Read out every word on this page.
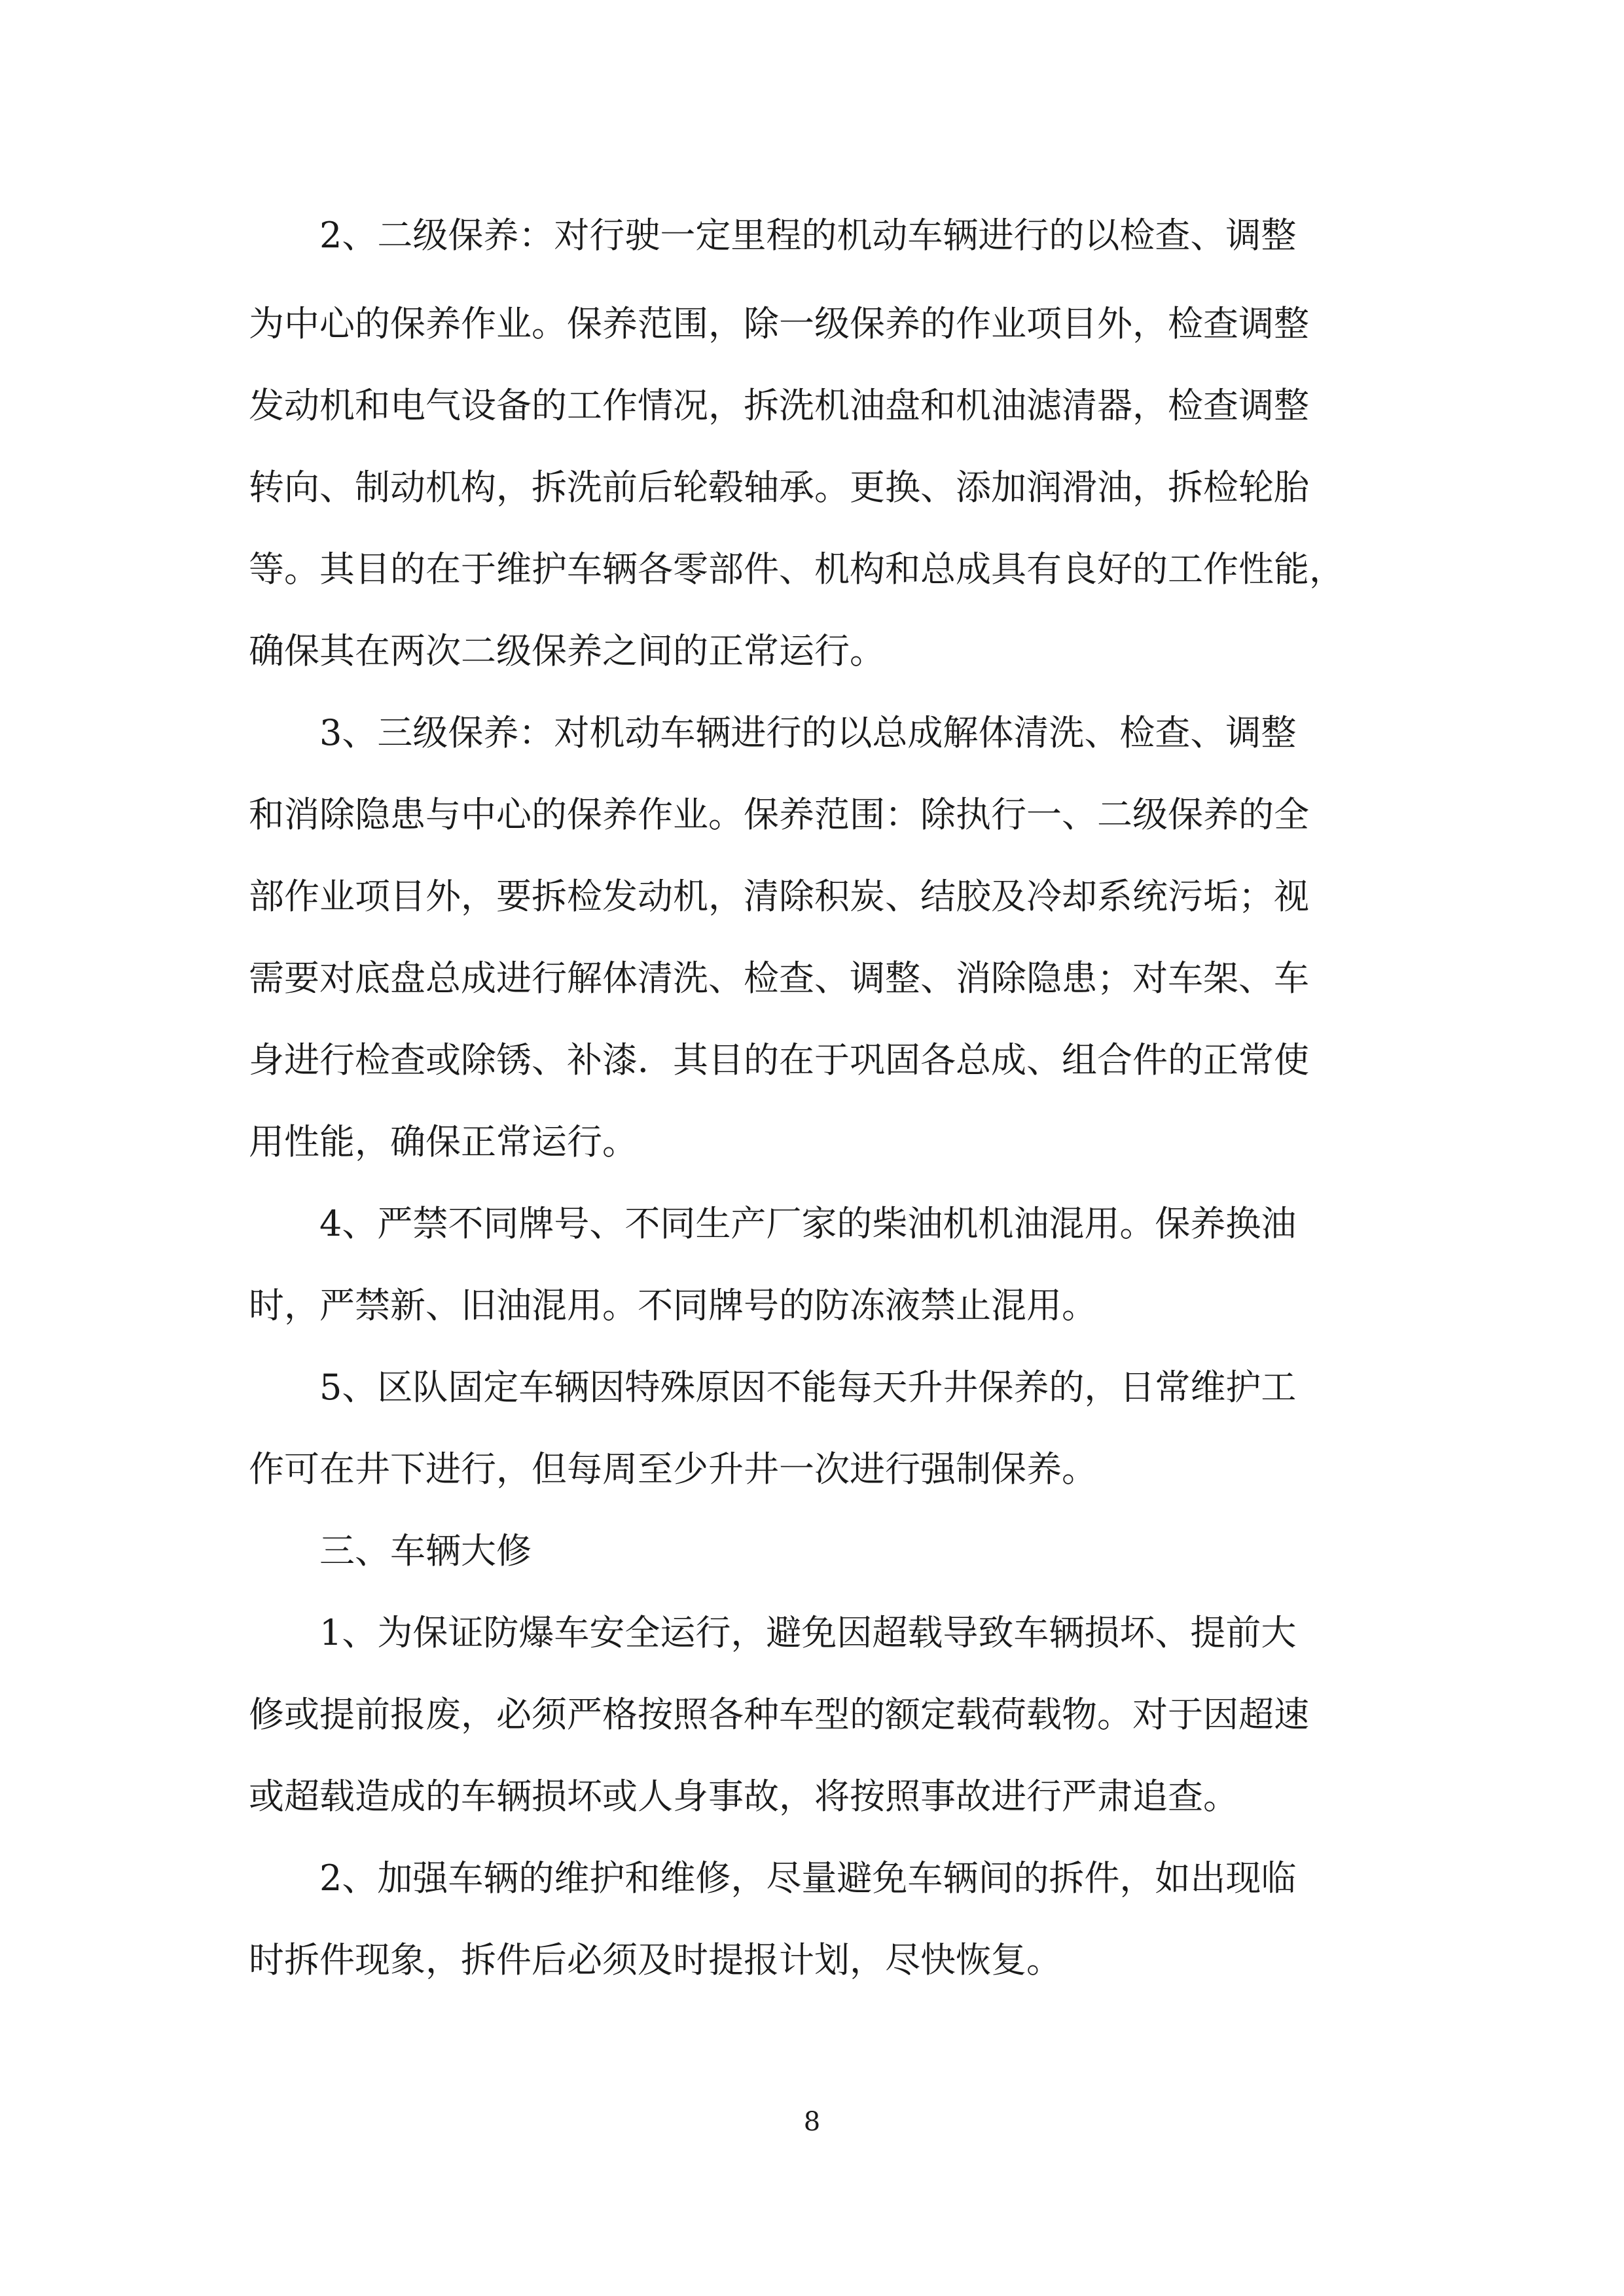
2、二级保养：对行驶一定里程的机动车辆进行的以检查、调整
为中心的保养作业。保养范围，除一级保养的作业项目外，检查调整
发动机和电气设备的工作情况，拆洗机油盘和机油滤清器，检查调整
转向、制动机构，拆洗前后轮毂轴承。更换、添加润滑油，拆检轮胎
等。其目的在于维护车辆各零部件、机构和总成具有良好的工作性能，
确保其在两次二级保养之间的正常运行。
3、三级保养：对机动车辆进行的以总成解体清洗、检查、调整
和消除隐患与中心的保养作业。保养范围：除执行一、二级保养的全
部作业项目外，要拆检发动机，清除积炭、结胶及冷却系统污垢；视
需要对底盘总成进行解体清洗、检查、调整、消除隐患；对车架、车
身进行检查或除锈、补漆．其目的在于巩固各总成、组合件的正常使
用性能，确保正常运行。
4、严禁不同牌号、不同生产厂家的柴油机机油混用。保养换油
时，严禁新、旧油混用。不同牌号的防冻液禁止混用。
5、区队固定车辆因特殊原因不能每天升井保养的，日常维护工
作可在井下进行，但每周至少升井一次进行强制保养。
三、车辆大修
1、为保证防爆车安全运行，避免因超载导致车辆损坏、提前大
修或提前报废，必须严格按照各种车型的额定载荷载物。对于因超速
或超载造成的车辆损坏或人身事故，将按照事故进行严肃追查。
2、加强车辆的维护和维修，尽量避免车辆间的拆件，如出现临
时拆件现象，拆件后必须及时提报计划，尽快恢复。
8
